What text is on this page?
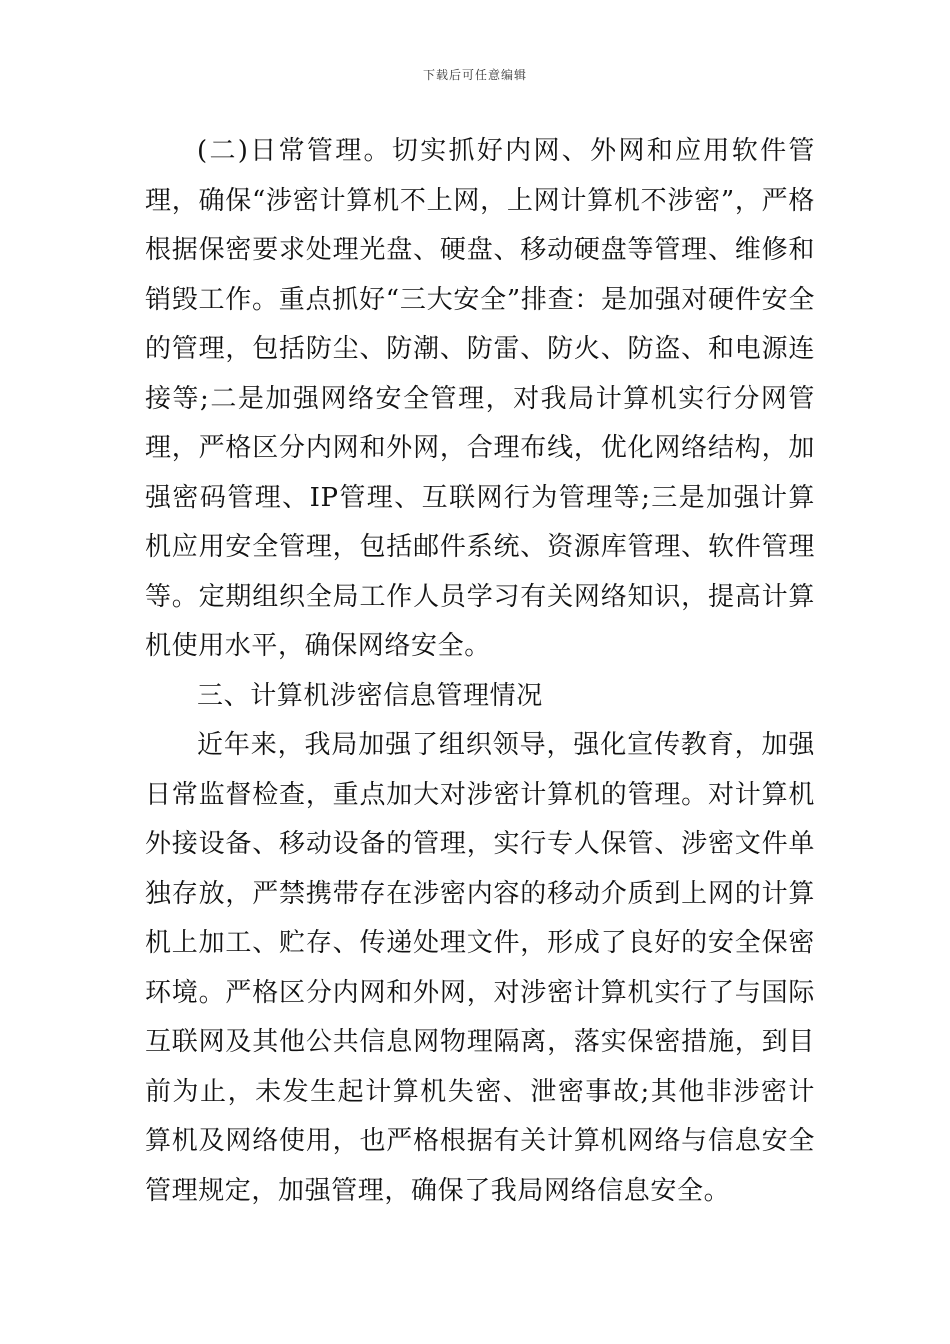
下载后可任意编辑

(二)日常管理。切实抓好内网、外网和应用软件管理，确保“涉密计算机不上网，上网计算机不涉密”，严格根据保密要求处理光盘、硬盘、移动硬盘等管理、维修和销毁工作。重点抓好“三大安全”排查：是加强对硬件安全的管理，包括防尘、防潮、防雷、防火、防盗、和电源连接等;二是加强网络安全管理，对我局计算机实行分网管理，严格区分内网和外网，合理布线，优化网络结构，加强密码管理、IP管理、互联网行为管理等;三是加强计算机应用安全管理，包括邮件系统、资源库管理、软件管理等。定期组织全局工作人员学习有关网络知识，提高计算机使用水平，确保网络安全。

三、计算机涉密信息管理情况

近年来，我局加强了组织领导，强化宣传教育，加强日常监督检查，重点加大对涉密计算机的管理。对计算机外接设备、移动设备的管理，实行专人保管、涉密文件单独存放，严禁携带存在涉密内容的移动介质到上网的计算机上加工、贮存、传递处理文件，形成了良好的安全保密环境。严格区分内网和外网，对涉密计算机实行了与国际互联网及其他公共信息网物理隔离，落实保密措施，到目前为止，未发生起计算机失密、泄密事故;其他非涉密计算机及网络使用，也严格根据有关计算机网络与信息安全管理规定，加强管理，确保了我局网络信息安全。
